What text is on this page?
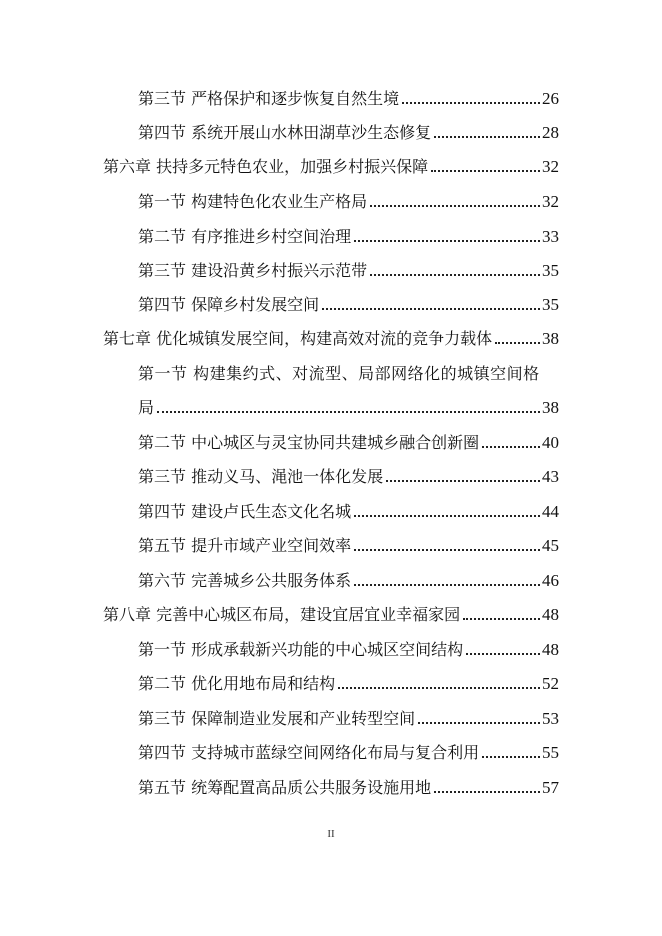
第三节 严格保护和逐步恢复自然生境	26
第四节 系统开展山水林田湖草沙生态修复	28
第六章 扶持多元特色农业，加强乡村振兴保障	32
第一节 构建特色化农业生产格局	32
第二节 有序推进乡村空间治理	33
第三节 建设沿黄乡村振兴示范带	35
第四节 保障乡村发展空间	35
第七章 优化城镇发展空间，构建高效对流的竞争力载体	38
第一节 构建集约式、对流型、局部网络化的城镇空间格
局	38
第二节 中心城区与灵宝协同共建城乡融合创新圈	40
第三节 推动义马、渑池一体化发展	43
第四节 建设卢氏生态文化名城	44
第五节 提升市域产业空间效率	45
第六节 完善城乡公共服务体系	46
第八章 完善中心城区布局，建设宜居宜业幸福家园	48
第一节 形成承载新兴功能的中心城区空间结构	48
第二节 优化用地布局和结构	52
第三节 保障制造业发展和产业转型空间	53
第四节 支持城市蓝绿空间网络化布局与复合利用	55
第五节 统筹配置高品质公共服务设施用地	57
II
